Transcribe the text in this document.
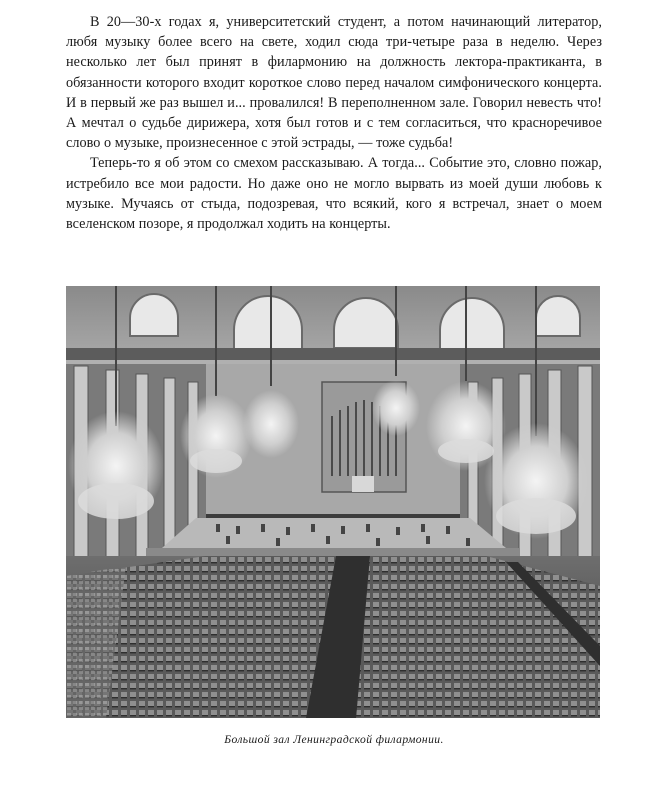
В 20—30-х годах я, университетский студент, а потом начинающий литератор, любя музыку более всего на свете, ходил сюда три-четыре раза в неделю. Через несколько лет был принят в филармонию на должность лектора-практиканта, в обязанности которого входит короткое слово перед началом симфонического концерта. И в первый же раз вышел и... провалился! В переполненном зале. Говорил невесть что! А мечтал о судьбе дирижера, хотя был готов и с тем согласиться, что красноречивое слово о музыке, произнесенное с этой эстрады, — тоже судьба!

Теперь-то я об этом со смехом рассказываю. А тогда... Событие это, словно пожар, истребило все мои радости. Но даже оно не могло вырвать из моей души любовь к музыке. Мучаясь от стыда, подозревая, что всякий, кого я встречал, знает о моем вселенском позоре, я продолжал ходить на концерты.

Большой зал Ленинградской филармонии.
